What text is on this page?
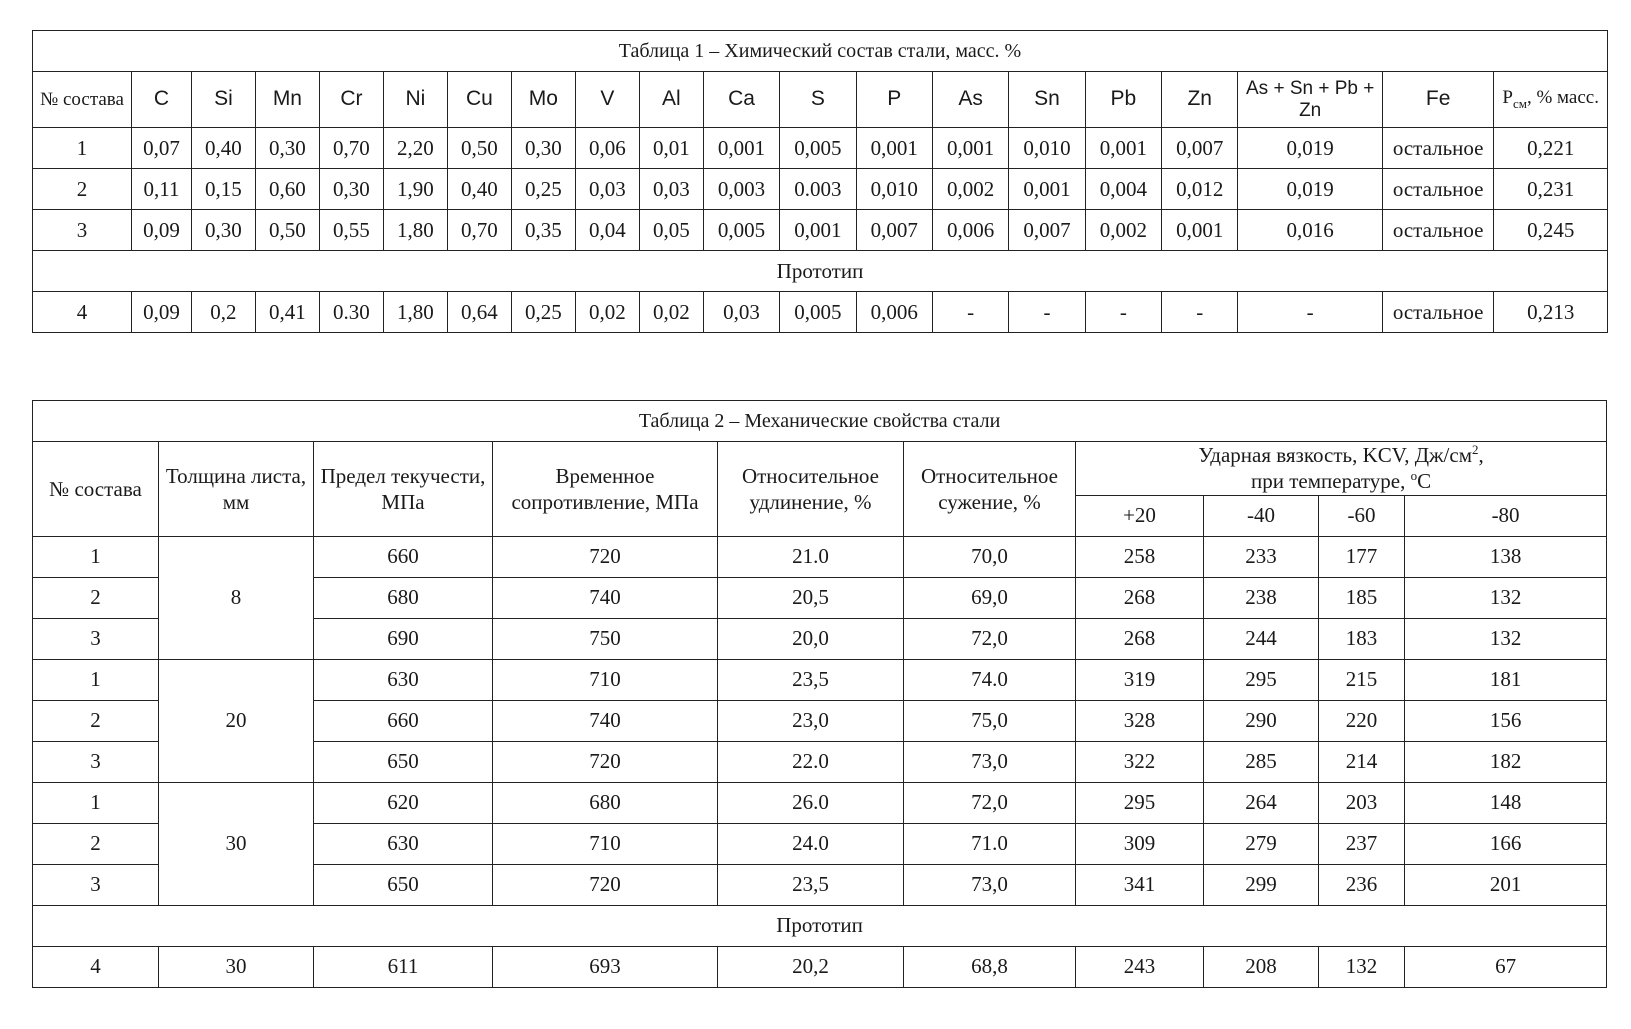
Таблица 1 – Химический состав стали, масс. %																			
№ состава	C	Si	Mn	Cr	Ni	Cu	Mo	V	Al	Ca	S	P	As	Sn	Pb	Zn	As + Sn + Pb + Zn	Fe	$P_{см}$, % масс.
1	0,07	0,40	0,30	0,70	2,20	0,50	0,30	0,06	0,01	0,001	0,005	0,001	0,001	0,010	0,001	0,007	0,019	остальное	0,221
2	0,11	0,15	0,60	0,30	1,90	0,40	0,25	0,03	0,03	0,003	0.003	0,010	0,002	0,001	0,004	0,012	0,019	остальное	0,231
3	0,09	0,30	0,50	0,55	1,80	0,70	0,35	0,04	0,05	0,005	0,001	0,007	0,006	0,007	0,002	0,001	0,016	остальное	0,245
Прототип																			
4	0,09	0,2	0,41	0.30	1,80	0,64	0,25	0,02	0,02	0,03	0,005	0,006	-	-	-	-	-	остальное	0,213
Таблица 2 – Механические свойства стали									
№ состава	Толщина листа, мм	Предел текучести, МПа	Временное сопротивление, МПа	Относительное удлинение, %	Относительное сужение, %	Ударная вязкость, KCV, $Дж/см^2$,
при температуре, $^о$С			
						+20	-40	-60	-80
1	8	660	720	21.0	70,0	258	233	177	138
2		680	740	20,5	69,0	268	238	185	132
3		690	750	20,0	72,0	268	244	183	132
1	20	630	710	23,5	74.0	319	295	215	181
2		660	740	23,0	75,0	328	290	220	156
3		650	720	22.0	73,0	322	285	214	182
1	30	620	680	26.0	72,0	295	264	203	148
2		630	710	24.0	71.0	309	279	237	166
3		650	720	23,5	73,0	341	299	236	201
Прототип									
4	30	611	693	20,2	68,8	243	208	132	67
